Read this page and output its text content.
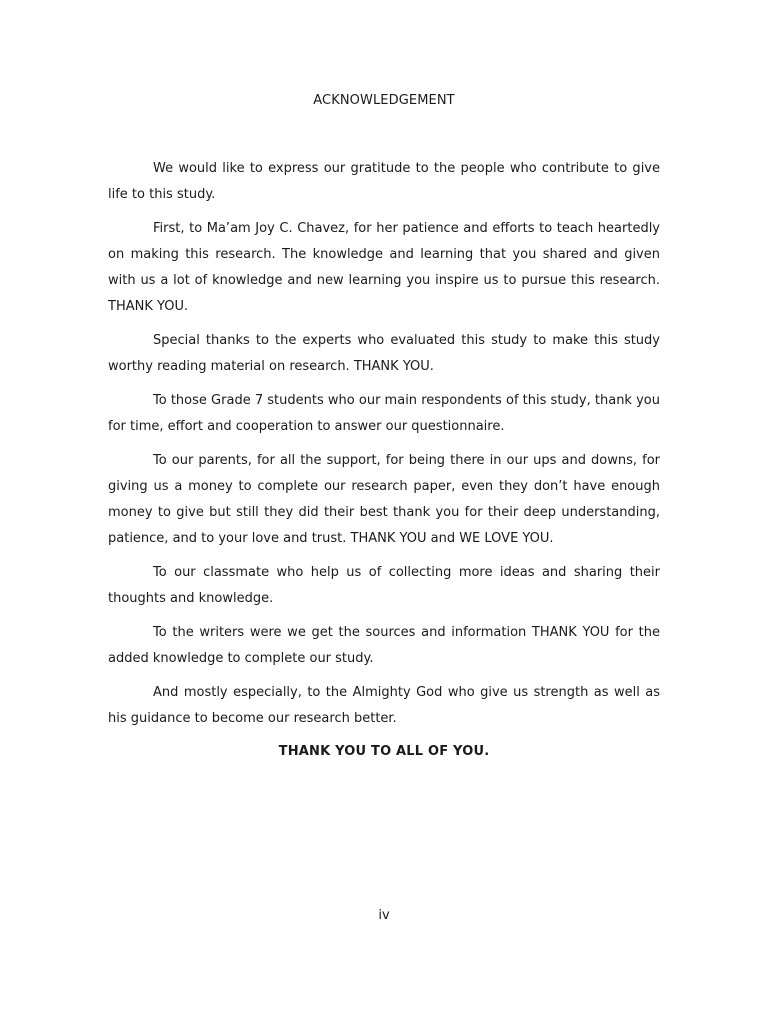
ACKNOWLEDGEMENT

We would like to express our gratitude to the people who contribute to give life to this study.

First, to Ma’am Joy C. Chavez, for her patience and efforts to teach heartedly on making this research. The knowledge and learning that you shared and given with us a lot of knowledge and new learning you inspire us to pursue this research. THANK YOU.

Special thanks to the experts who evaluated this study to make this study worthy reading material on research. THANK YOU.

To those Grade 7 students who our main respondents of this study, thank you for time, effort and cooperation to answer our questionnaire.

To our parents, for all the support, for being there in our ups and downs, for giving us a money to complete our research paper, even they don’t have enough money to give but still they did their best thank you for their deep understanding, patience, and to your love and trust. THANK YOU and WE LOVE YOU.

To our classmate who help us of collecting more ideas and sharing their thoughts and knowledge.

To the writers were we get the sources and information THANK YOU for the added knowledge to complete our study.

And mostly especially, to the Almighty God who give us strength as well as his guidance to become our research better.

THANK YOU TO ALL OF YOU.
iv
